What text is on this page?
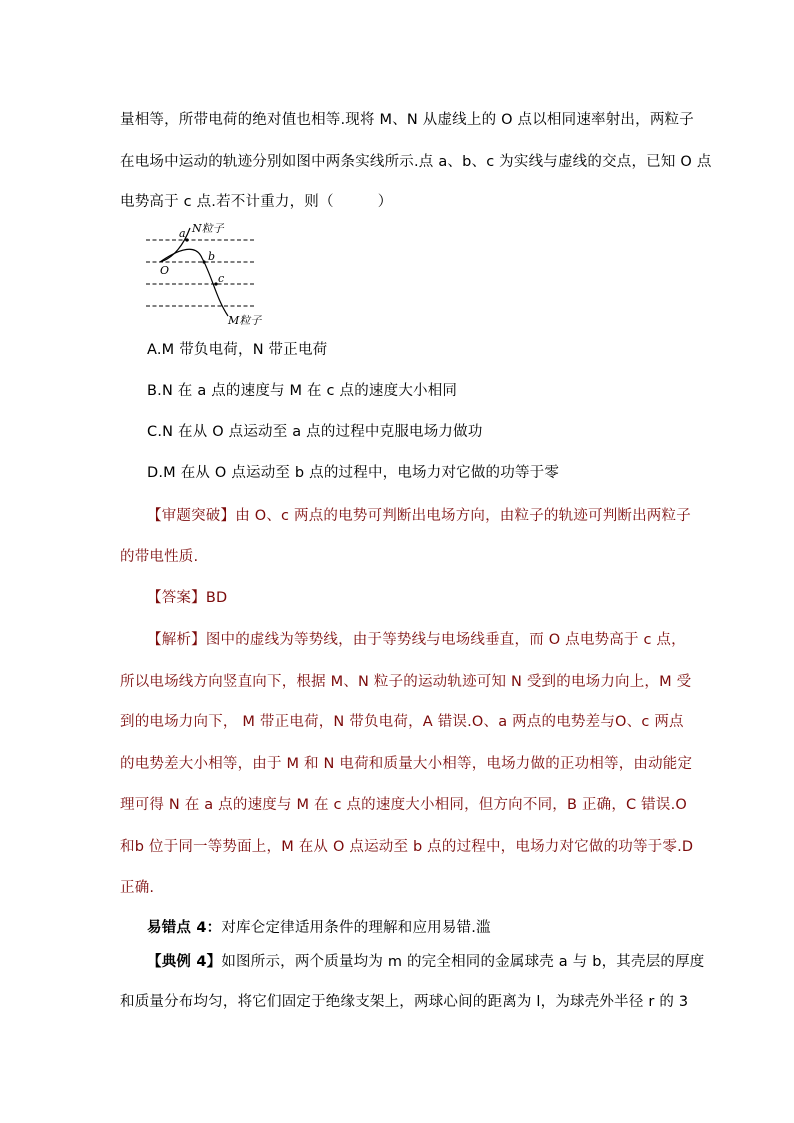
量相等，所带电荷的绝对值也相等.现将 M、N 从虚线上的 O 点以相同速率射出，两粒子
在电场中运动的轨迹分别如图中两条实线所示.点 a、b、c 为实线与虚线的交点，已知 O 点
电势高于 c 点.若不计重力，则（　　　）
a
b
c
O
N粒子
M粒子
A.M 带负电荷，N 带正电荷
B.N 在 a 点的速度与 M 在 c 点的速度大小相同
C.N 在从 O 点运动至 a 点的过程中克服电场力做功
D.M 在从 O 点运动至 b 点的过程中，电场力对它做的功等于零
【审题突破】由 O、c 两点的电势可判断出电场方向，由粒子的轨迹可判断出两粒子
的带电性质.
【答案】BD
【解析】图中的虚线为等势线，由于等势线与电场线垂直，而 O 点电势高于 c 点，
所以电场线方向竖直向下，根据 M、N 粒子的运动轨迹可知 N 受到的电场力向上，M 受
到的电场力向下， M 带正电荷，N 带负电荷，A 错误.O、a 两点的电势差与O、c 两点
的电势差大小相等，由于 M 和 N 电荷和质量大小相等，电场力做的正功相等，由动能定
理可得 N 在 a 点的速度与 M 在 c 点的速度大小相同，但方向不同，B 正确，C 错误.O
和b 位于同一等势面上，M 在从 O 点运动至 b 点的过程中，电场力对它做的功等于零.D
正确.
易错点 4：对库仑定律适用条件的理解和应用易错.滥
【典例 4】如图所示，两个质量均为 m 的完全相同的金属球壳 a 与 b，其壳层的厚度
和质量分布均匀，将它们固定于绝缘支架上，两球心间的距离为 l，为球壳外半径 r 的 3
